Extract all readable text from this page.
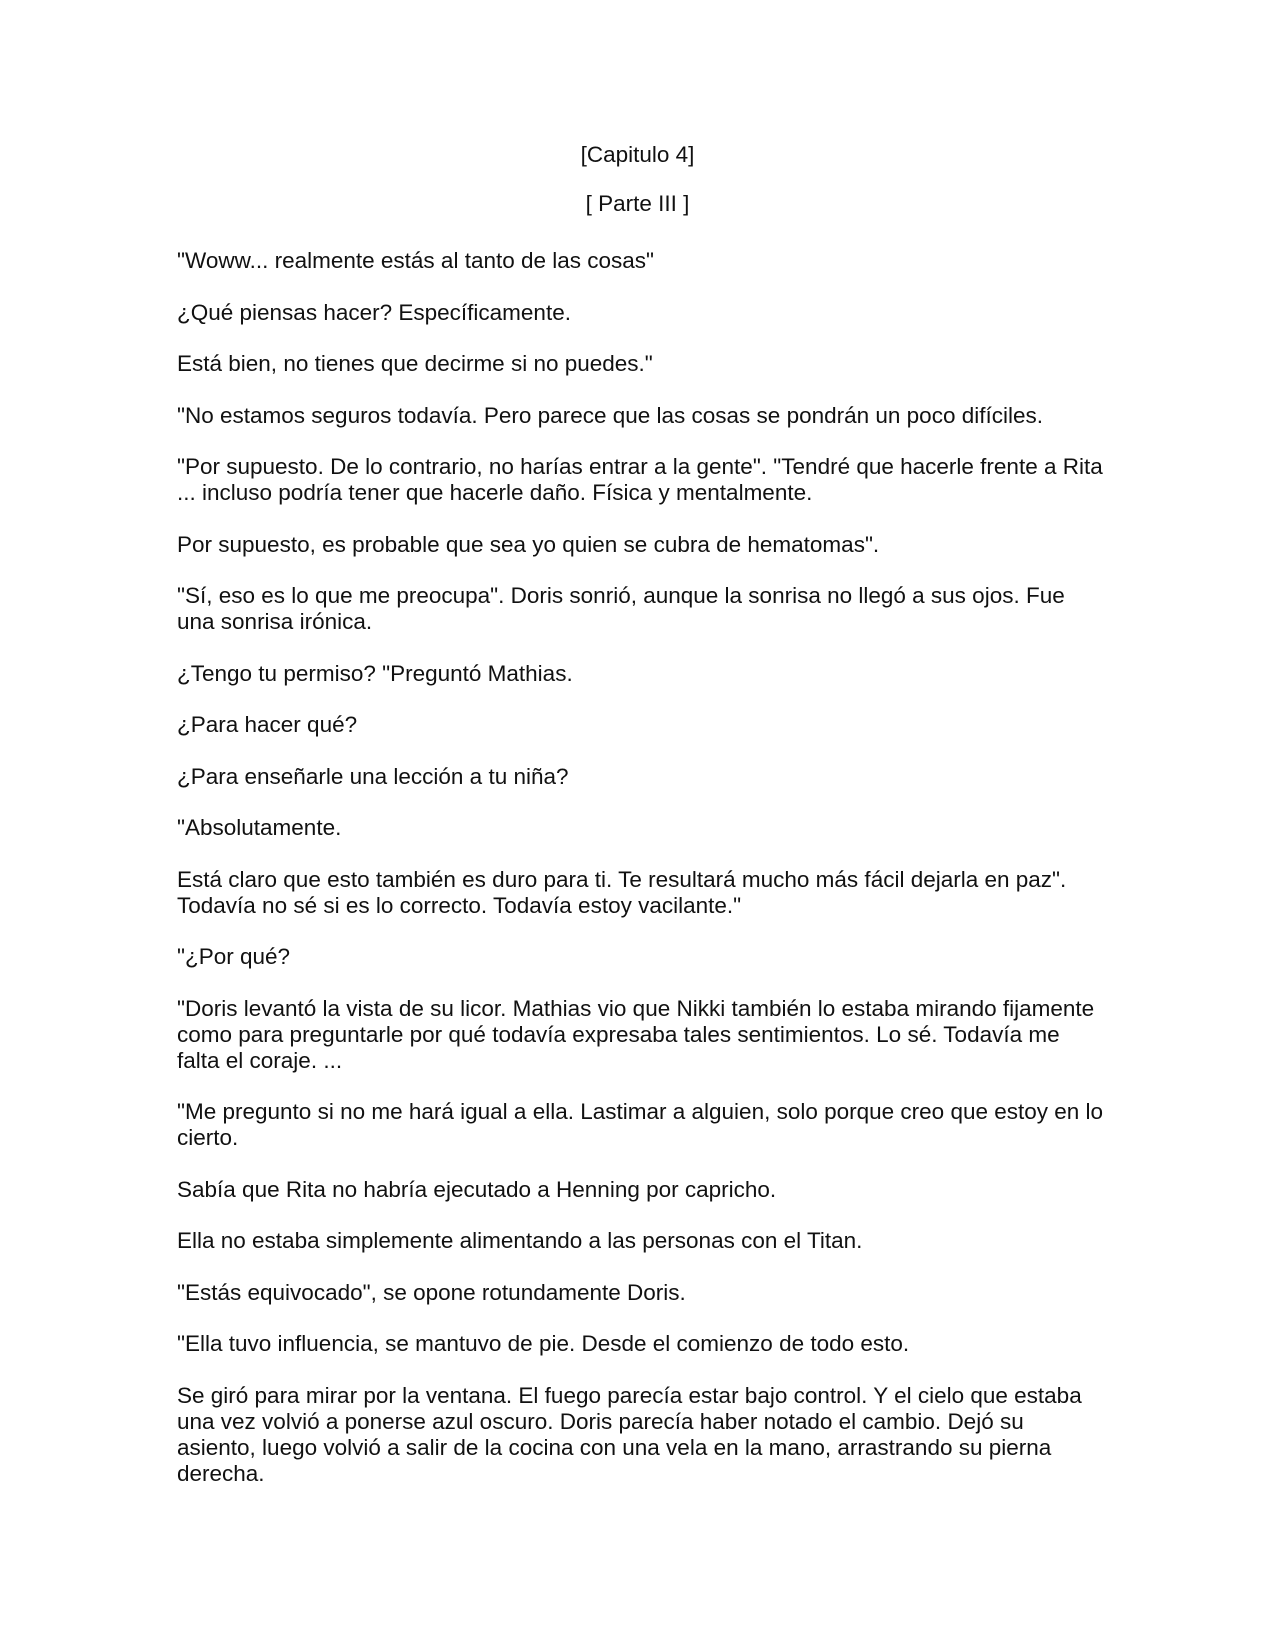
[Capitulo 4]
[ Parte III ]

"Woww... realmente estás al tanto de las cosas"

¿Qué piensas hacer? Específicamente.

Está bien, no tienes que decirme si no puedes."

"No estamos seguros todavía. Pero parece que las cosas se pondrán un poco difíciles.

"Por supuesto. De lo contrario, no harías entrar a la gente". "Tendré que hacerle frente a Rita ... incluso podría tener que hacerle daño. Física y mentalmente.

Por supuesto, es probable que sea yo quien se cubra de hematomas".

"Sí, eso es lo que me preocupa". Doris sonrió, aunque la sonrisa no llegó a sus ojos. Fue una sonrisa irónica.

¿Tengo tu permiso? "Preguntó Mathias.

¿Para hacer qué?

¿Para enseñarle una lección a tu niña?

"Absolutamente.

Está claro que esto también es duro para ti. Te resultará mucho más fácil dejarla en paz". Todavía no sé si es lo correcto. Todavía estoy vacilante."

"¿Por qué?

"Doris levantó la vista de su licor. Mathias vio que Nikki también lo estaba mirando fijamente como para preguntarle por qué todavía expresaba tales sentimientos. Lo sé. Todavía me falta el coraje. ...

"Me pregunto si no me hará igual a ella. Lastimar a alguien, solo porque creo que estoy en lo cierto.

Sabía que Rita no habría ejecutado a Henning por capricho.

Ella no estaba simplemente alimentando a las personas con el Titan.

"Estás equivocado", se opone rotundamente Doris.

"Ella tuvo influencia, se mantuvo de pie. Desde el comienzo de todo esto.

Se giró para mirar por la ventana. El fuego parecía estar bajo control. Y el cielo que estaba una vez volvió a ponerse azul oscuro. Doris parecía haber notado el cambio. Dejó su asiento, luego volvió a salir de la cocina con una vela en la mano, arrastrando su pierna derecha.
